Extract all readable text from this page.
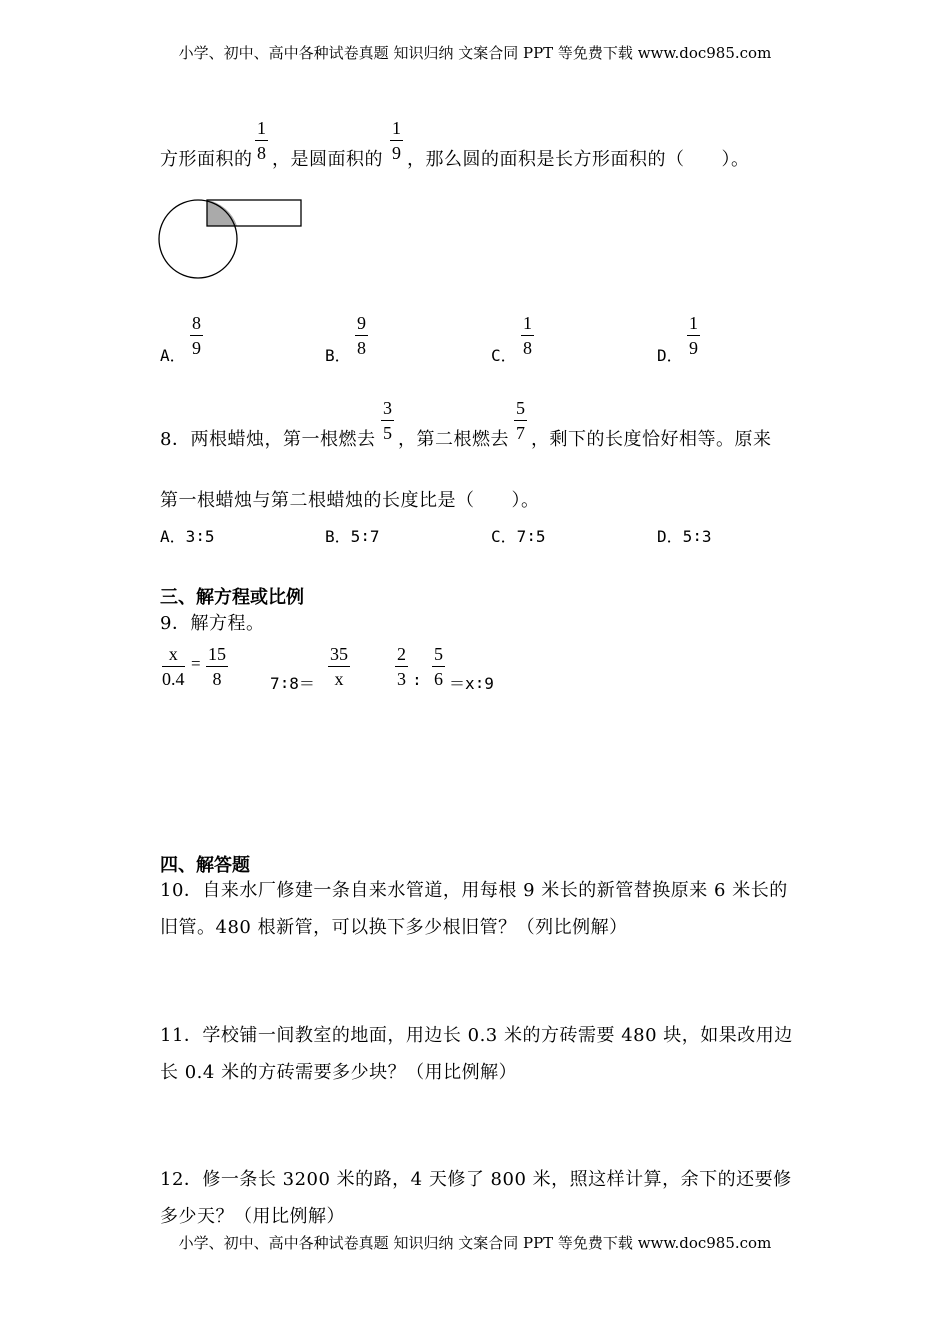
小学、初中、高中各种试卷真题 知识归纳 文案合同 PPT 等免费下载 www.doc985.com
方形面积的
1
8 ，是圆面积的
1
9 ，那么圆的面积是长方形面积的（　　）。
A．
8
9	B．
9
8	C．
1
8	D．
1
9
8．两根蜡烛，第一根燃去
3
5 ，第二根燃去
5
7 ，剩下的长度恰好相等。原来
第一根蜡烛与第二根蜡烛的长度比是（　　）。
A．3∶5	B．5∶7	C．7∶5	D．5∶3
三、解方程或比例
9．解方程。
x
0.4
= 15
8	7∶8＝
35
x
2
3 ∶
5
6 ＝x∶9
四、解答题
10．自来水厂修建一条自来水管道，用每根 9 米长的新管替换原来 6 米长的
旧管。480 根新管，可以换下多少根旧管？（列比例解）
11．学校铺一间教室的地面，用边长 0.3 米的方砖需要 480 块，如果改用边
长 0.4 米的方砖需要多少块？（用比例解）
12．修一条长 3200 米的路，4 天修了 800 米，照这样计算，余下的还要修
多少天？（用比例解）
小学、初中、高中各种试卷真题 知识归纳 文案合同 PPT 等免费下载 www.doc985.com
